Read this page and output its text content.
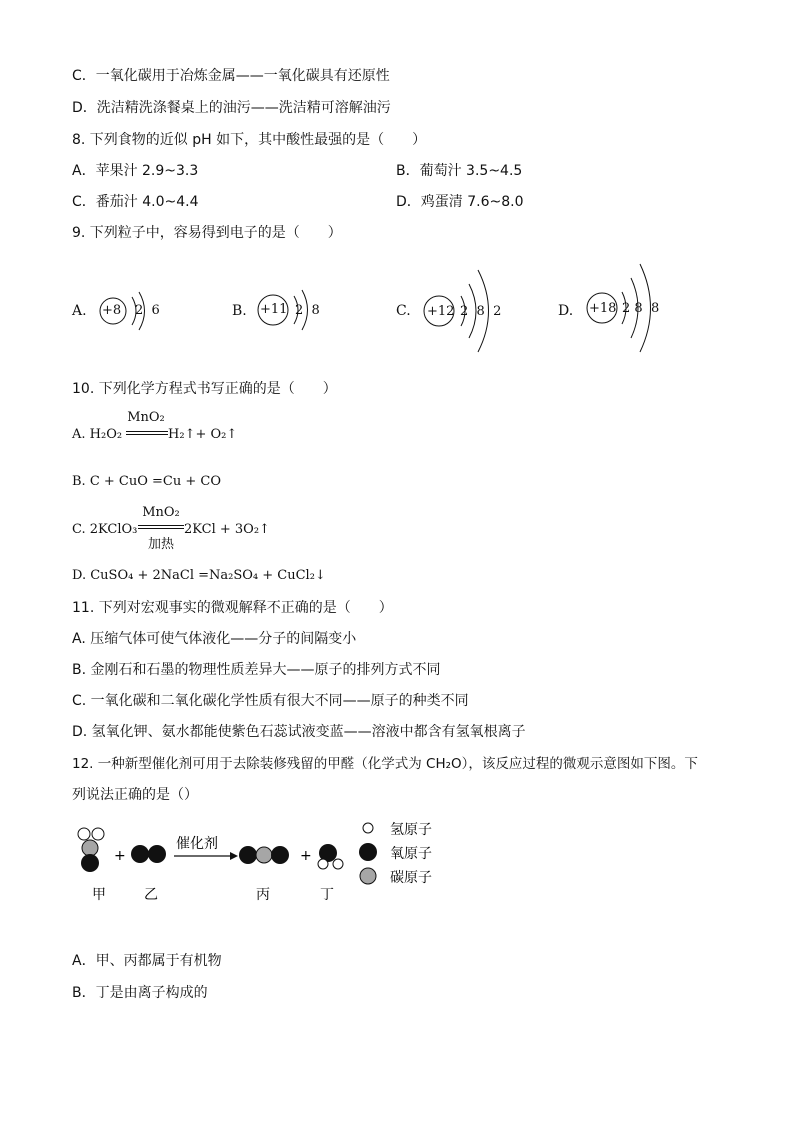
C．一氧化碳用于冶炼金属——一氧化碳具有还原性
D．洗洁精洗涤餐桌上的油污——洗洁精可溶解油污
8. 下列食物的近似 pH 如下，其中酸性最强的是（　　）
A．苹果汁 2.9~3.3	B．葡萄汁 3.5~4.5
C．番茄汁 4.0~4.4	D．鸡蛋清 7.6~8.0
9. 下列粒子中，容易得到电子的是（　　）
A. +8 2  6	B. +11 2  8	C. +12 2  8  2	D. +18 2 8  8
10. 下列化学方程式书写正确的是（　　）
A. H₂O₂
MnO₂
H₂↑+ O₂↑
B. C + CuO =Cu + CO
C. 2KClO₃
MnO₂
加热
2KCl + 3O₂↑
D. CuSO₄ + 2NaCl =Na₂SO₄ + CuCl₂↓
11. 下列对宏观事实的微观解释不正确的是（　　）
A. 压缩气体可使气体液化——分子的间隔变小
B. 金刚石和石墨的物理性质差异大——原子的排列方式不同
C. 一氧化碳和二氧化碳化学性质有很大不同——原子的种类不同
D. 氢氧化钾、氨水都能使紫色石蕊试液变蓝——溶液中都含有氢氧根离子
12. 一种新型催化剂可用于去除装修残留的甲醛（化学式为 CH₂O），该反应过程的微观示意图如下图。下
列说法正确的是（）
+
催化剂
+
甲	乙	丙	丁
氢原子
氧原子
碳原子
A．甲、丙都属于有机物
B．丁是由离子构成的
